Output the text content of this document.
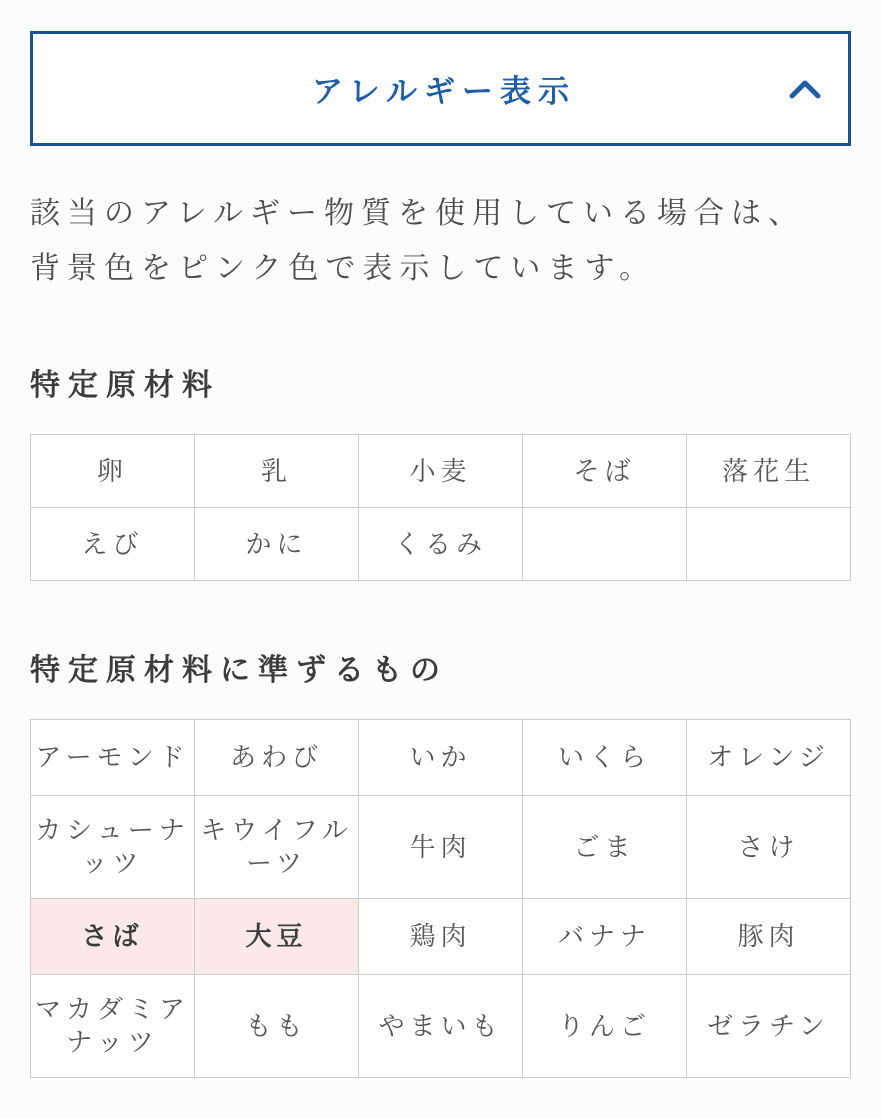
アレルギー表示
該当のアレルギー物質を使用している場合は、
背景色をピンク色で表示しています。
特定原材料
卵	乳	小麦	そば	落花生
えび	かに	くるみ		
特定原材料に準ずるもの
アーモンド	あわび	いか	いくら	オレンジ
カシューナッツ	キウイフルーツ	牛肉	ごま	さけ
さば	大豆	鶏肉	バナナ	豚肉
マカダミアナッツ	もも	やまいも	りんご	ゼラチン
